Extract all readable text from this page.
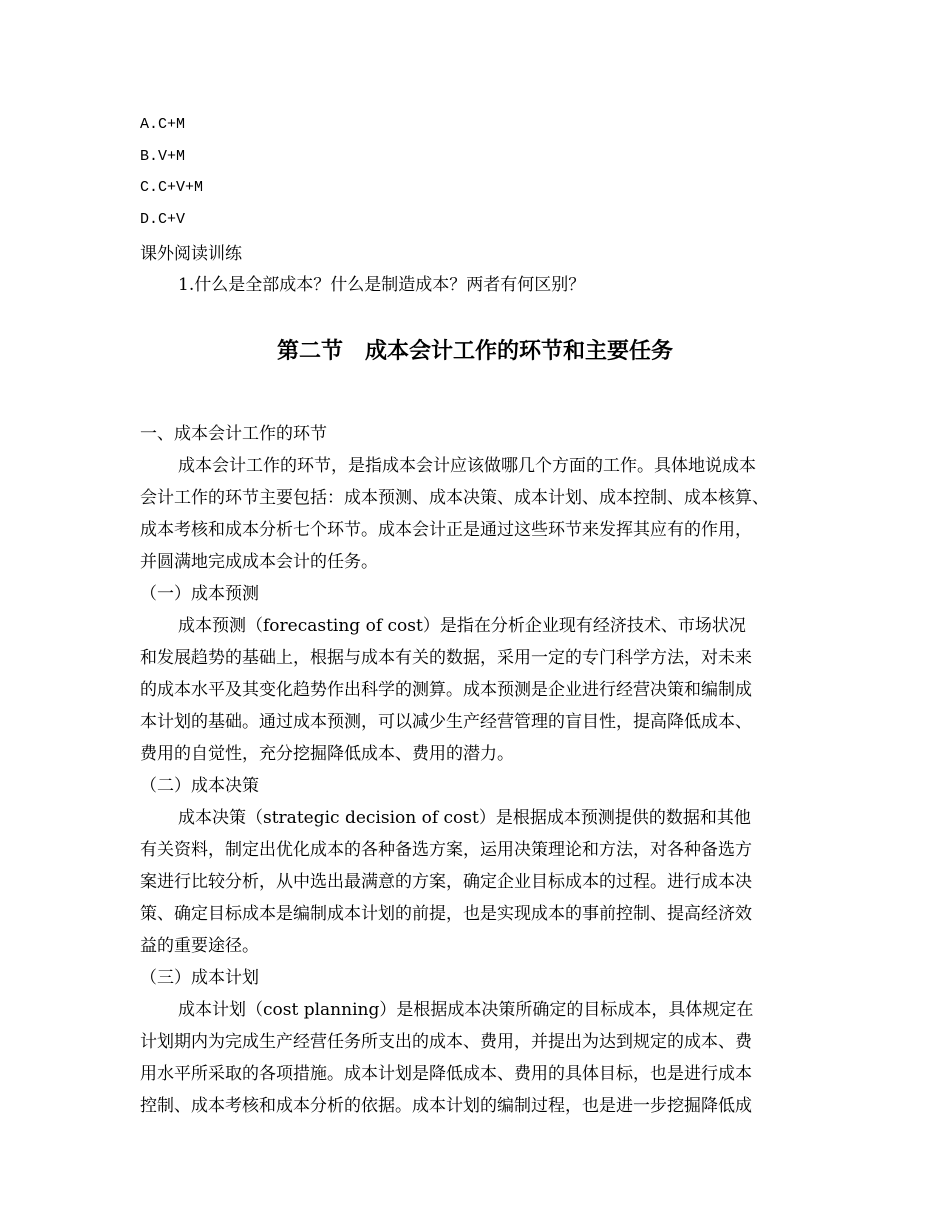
A.C+M
B.V+M
C.C+V+M
D.C+V
课外阅读训练
1.什么是全部成本？什么是制造成本？两者有何区别？
第二节　成本会计工作的环节和主要任务
一、成本会计工作的环节
成本会计工作的环节，是指成本会计应该做哪几个方面的工作。具体地说成本
会计工作的环节主要包括：成本预测、成本决策、成本计划、成本控制、成本核算、
成本考核和成本分析七个环节。成本会计正是通过这些环节来发挥其应有的作用，
并圆满地完成成本会计的任务。
（一）成本预测
成本预测（forecasting of cost）是指在分析企业现有经济技术、市场状况
和发展趋势的基础上，根据与成本有关的数据，采用一定的专门科学方法，对未来
的成本水平及其变化趋势作出科学的测算。成本预测是企业进行经营决策和编制成
本计划的基础。通过成本预测，可以减少生产经营管理的盲目性，提高降低成本、
费用的自觉性，充分挖掘降低成本、费用的潜力。
（二）成本决策
成本决策（strategic decision of cost）是根据成本预测提供的数据和其他
有关资料，制定出优化成本的各种备选方案，运用决策理论和方法，对各种备选方
案进行比较分析，从中选出最满意的方案，确定企业目标成本的过程。进行成本决
策、确定目标成本是编制成本计划的前提，也是实现成本的事前控制、提高经济效
益的重要途径。
（三）成本计划
成本计划（cost planning）是根据成本决策所确定的目标成本，具体规定在
计划期内为完成生产经营任务所支出的成本、费用，并提出为达到规定的成本、费
用水平所采取的各项措施。成本计划是降低成本、费用的具体目标，也是进行成本
控制、成本考核和成本分析的依据。成本计划的编制过程，也是进一步挖掘降低成
